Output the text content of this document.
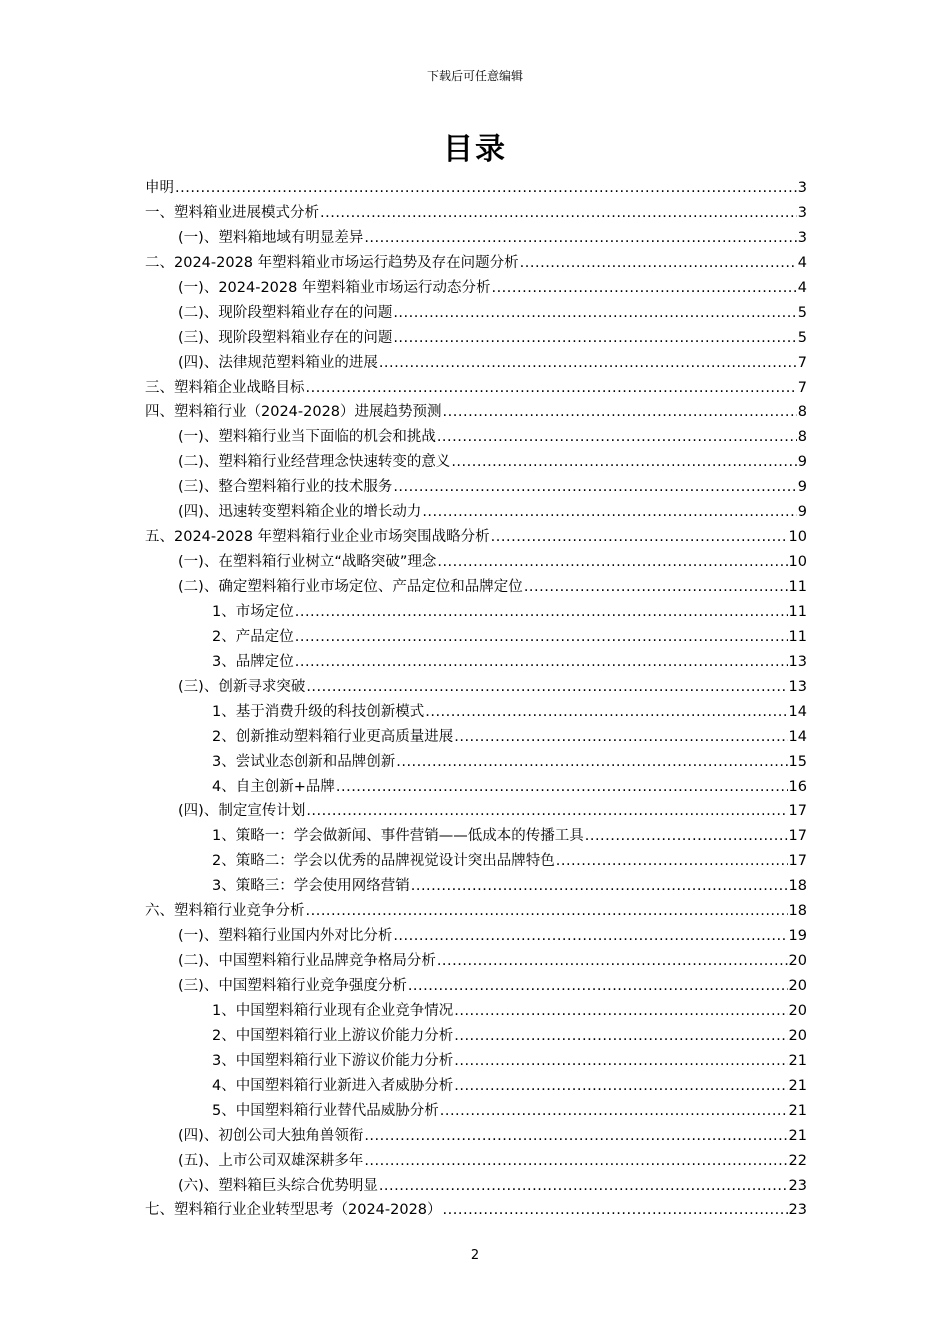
下载后可任意编辑
目录
申明 .....	3
一、塑料箱业进展模式分析 .....	3
(一)、塑料箱地域有明显差异 .....	3
二、2024-2028 年塑料箱业市场运行趋势及存在问题分析 .....	4
(一)、2024-2028 年塑料箱业市场运行动态分析 .....	4
(二)、现阶段塑料箱业存在的问题 .....	5
(三)、现阶段塑料箱业存在的问题 .....	5
(四)、法律规范塑料箱业的进展 .....	7
三、塑料箱企业战略目标 .....	7
四、塑料箱行业（2024-2028）进展趋势预测 .....	8
(一)、塑料箱行业当下面临的机会和挑战 .....	8
(二)、塑料箱行业经营理念快速转变的意义 .....	9
(三)、整合塑料箱行业的技术服务 .....	9
(四)、迅速转变塑料箱企业的增长动力 .....	9
五、2024-2028 年塑料箱行业企业市场突围战略分析 .....	10
(一)、在塑料箱行业树立“战略突破”理念 .....	10
(二)、确定塑料箱行业市场定位、产品定位和品牌定位 .....	11
1、市场定位 .....	11
2、产品定位 .....	11
3、品牌定位 .....	13
(三)、创新寻求突破 .....	13
1、基于消费升级的科技创新模式 .....	14
2、创新推动塑料箱行业更高质量进展 .....	14
3、尝试业态创新和品牌创新 .....	15
4、自主创新+品牌 .....	16
(四)、制定宣传计划 .....	17
1、策略一：学会做新闻、事件营销——低成本的传播工具 .....	17
2、策略二：学会以优秀的品牌视觉设计突出品牌特色 .....	17
3、策略三：学会使用网络营销 .....	18
六、塑料箱行业竞争分析 .....	18
(一)、塑料箱行业国内外对比分析 .....	19
(二)、中国塑料箱行业品牌竞争格局分析 .....	20
(三)、中国塑料箱行业竞争强度分析 .....	20
1、中国塑料箱行业现有企业竞争情况 .....	20
2、中国塑料箱行业上游议价能力分析 .....	20
3、中国塑料箱行业下游议价能力分析 .....	21
4、中国塑料箱行业新进入者威胁分析 .....	21
5、中国塑料箱行业替代品威胁分析 .....	21
(四)、初创公司大独角兽领衔 .....	21
(五)、上市公司双雄深耕多年 .....	22
(六)、塑料箱巨头综合优势明显 .....	23
七、塑料箱行业企业转型思考（2024-2028） .....	23
2
